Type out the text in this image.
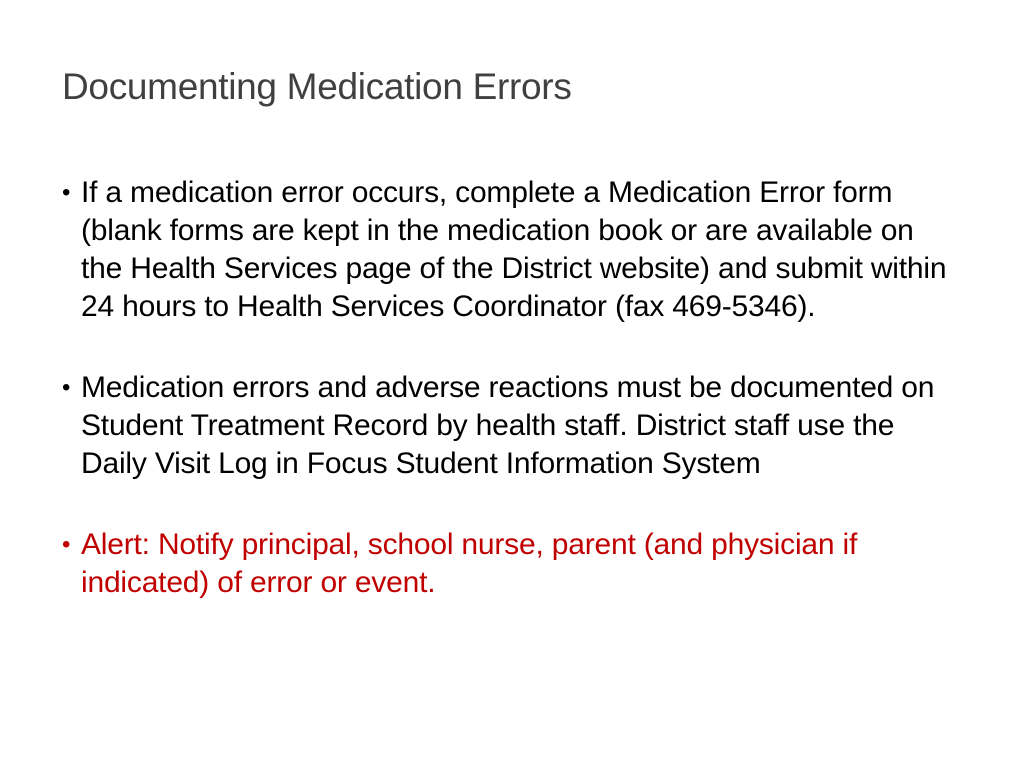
Documenting Medication Errors
• If a medication error occurs, complete a Medication Error form (blank forms are kept in the medication book or are available on the Health Services page of the District website) and submit within 24 hours to Health Services Coordinator (fax 469-5346).
• Medication errors and adverse reactions must be documented on Student Treatment Record by health staff. District staff use the Daily Visit Log in Focus Student Information System
• Alert: Notify principal, school nurse, parent (and physician if indicated) of error or event.
